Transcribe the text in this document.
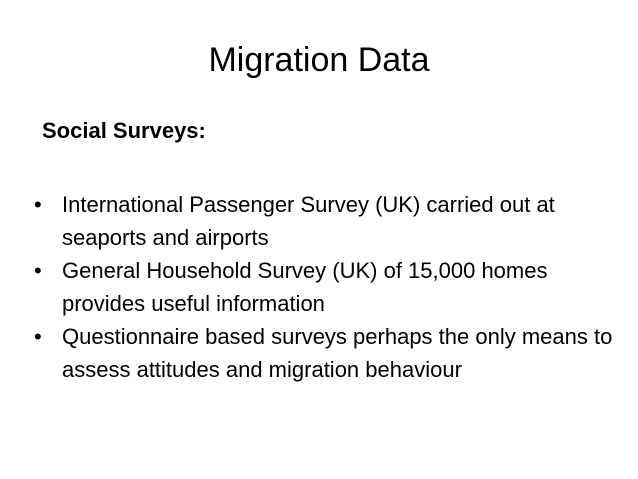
Migration Data

Social Surveys:

• International Passenger Survey (UK) carried out at seaports and airports
• General Household Survey (UK) of 15,000 homes provides useful information
• Questionnaire based surveys perhaps the only means to assess attitudes and migration behaviour
